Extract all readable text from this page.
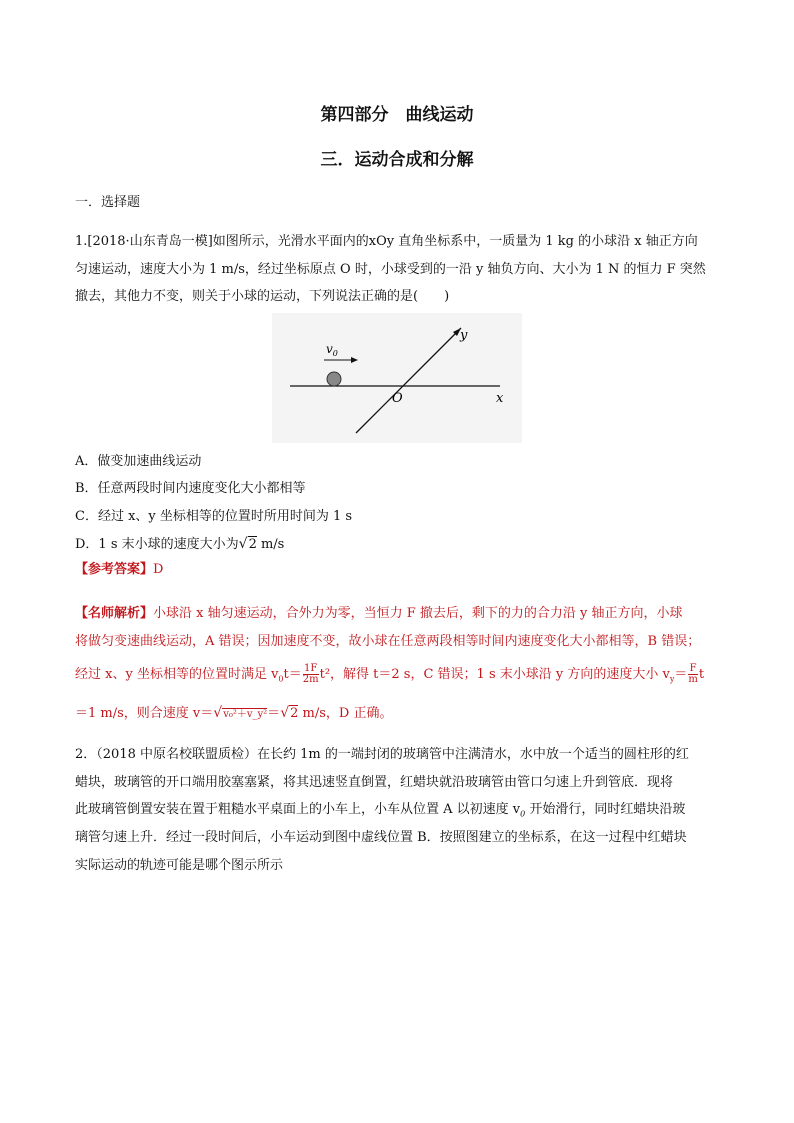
第四部分　曲线运动
三．运动合成和分解
一．选择题
1.[2018·山东青岛一模]如图所示，光滑水平面内的xOy 直角坐标系中，一质量为 1 kg 的小球沿 x 轴正方向
匀速运动，速度大小为 1 m/s，经过坐标原点 O 时，小球受到的一沿 y 轴负方向、大小为 1 N 的恒力 F 突然
撤去，其他力不变，则关于小球的运动，下列说法正确的是(　　)
$v_0$
O	x
y
A．做变加速曲线运动
B．任意两段时间内速度变化大小都相等
C．经过 x、y 坐标相等的位置时所用时间为 1 s
D．1 s 末小球的速度大小为√2 m/s
【参考答案】D
【名师解析】小球沿 x 轴匀速运动，合外力为零，当恒力 F 撤去后，剩下的力的合力沿 y 轴正方向，小球
将做匀变速曲线运动，A 错误；因加速度不变，故小球在任意两段相等时间内速度变化大小都相等，B 错误；
经过 x、y 坐标相等的位置时满足 $v_0t= \frac{1F}{2m} t^2$，解得 t＝2 s，C 错误；1 s 末小球沿 y 方向的速度大小 $v_y= \frac{F}{m}$ t
＝1 m/s，则合速度 v＝√v₀²＋v_y²＝√2 m/s，D 正确。
2．（2018 中原名校联盟质检）在长约 1m 的一端封闭的玻璃管中注满清水，水中放一个适当的圆柱形的红
蜡块，玻璃管的开口端用胶塞塞紧，将其迅速竖直倒置，红蜡块就沿玻璃管由管口匀速上升到管底．现将
此玻璃管倒置安装在置于粗糙水平桌面上的小车上，小车从位置 A 以初速度 $v_0$ 开始滑行，同时红蜡块沿玻
璃管匀速上升．经过一段时间后，小车运动到图中虚线位置 B．按照图建立的坐标系，在这一过程中红蜡块
实际运动的轨迹可能是哪个图示所示
